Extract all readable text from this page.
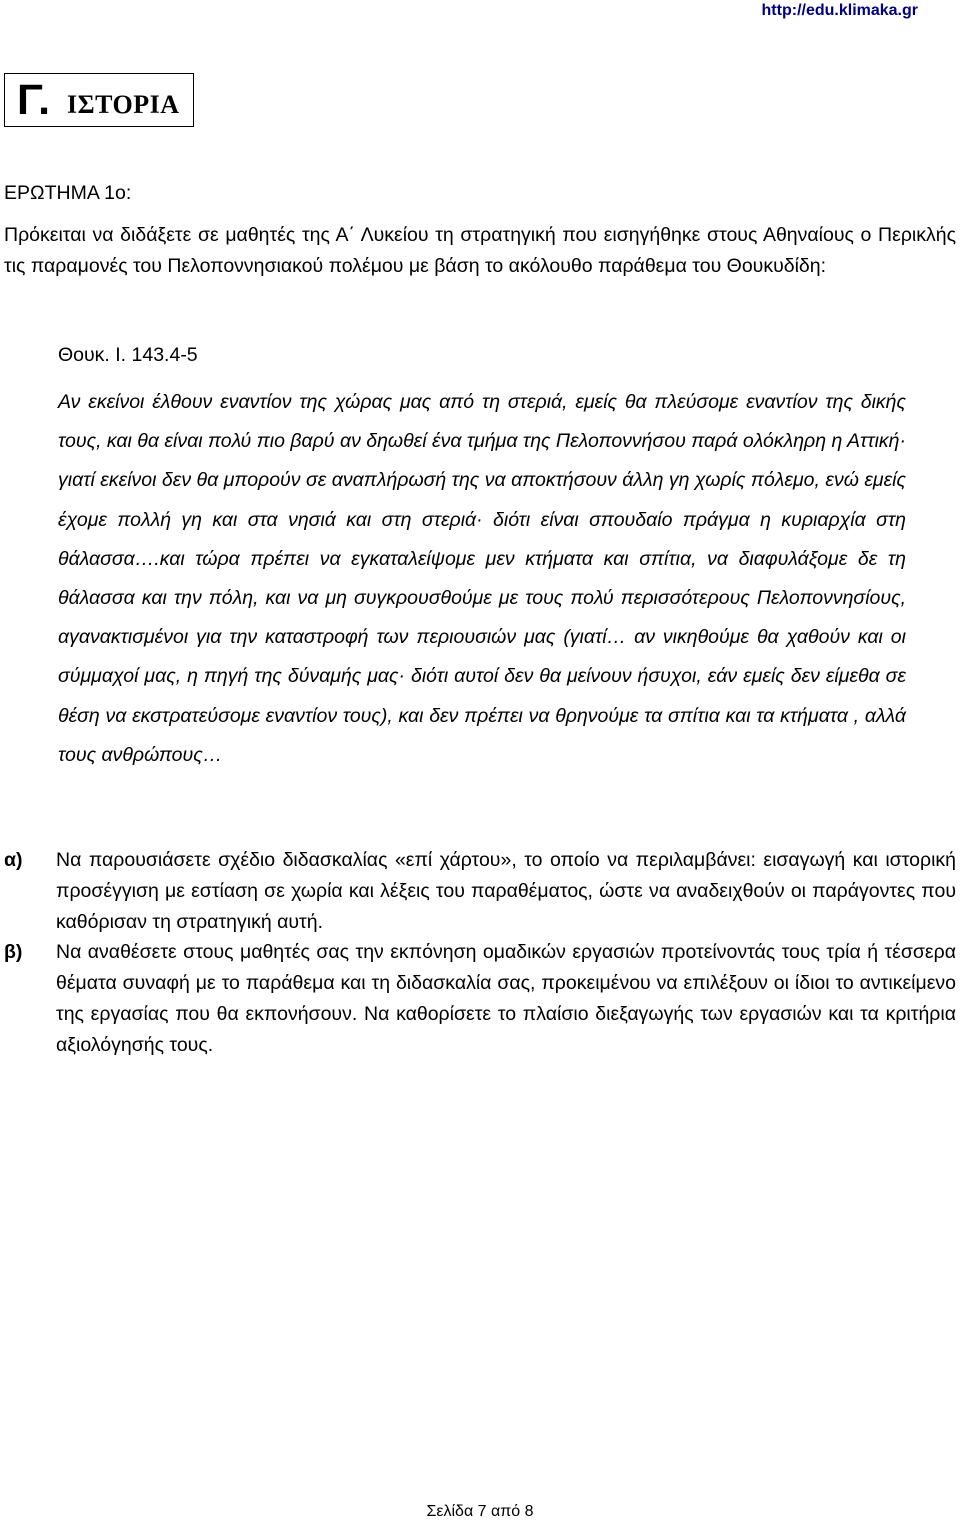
http://edu.klimaka.gr
Γ. ΙΣΤΟΡΙΑ
ΕΡΩΤΗΜΑ 1ο:

Πρόκειται να διδάξετε σε μαθητές της Α΄ Λυκείου τη στρατηγική που εισηγήθηκε στους Αθηναίους ο Περικλής τις παραμονές του Πελοποννησιακού πολέμου με βάση το ακόλουθο παράθεμα του Θουκυδίδη:

Θουκ. Ι. 143.4-5

Αν εκείνοι έλθουν εναντίον της χώρας μας από τη στεριά, εμείς θα πλεύσομε εναντίον της δικής τους, και θα είναι πολύ πιο βαρύ αν δηωθεί ένα τμήμα της Πελοποννήσου παρά ολόκληρη η Αττική· γιατί εκείνοι δεν θα μπορούν σε αναπλήρωσή της να αποκτήσουν άλλη γη χωρίς πόλεμο, ενώ εμείς έχομε πολλή γη και στα νησιά και στη στεριά· διότι είναι σπουδαίο πράγμα η κυριαρχία στη θάλασσα….και τώρα πρέπει να εγκαταλείψομε μεν κτήματα και σπίτια, να διαφυλάξομε δε τη θάλασσα και την πόλη, και να μη συγκρουσθούμε με τους πολύ περισσότερους Πελοποννησίους, αγανακτισμένοι για την καταστροφή των περιουσιών μας (γιατί… αν νικηθούμε θα χαθούν και οι σύμμαχοί μας, η πηγή της δύναμής μας· διότι αυτοί δεν θα μείνουν ήσυχοι, εάν εμείς δεν είμεθα σε θέση να εκστρατεύσομε εναντίον τους), και δεν πρέπει να θρηνούμε τα σπίτια και τα κτήματα , αλλά τους ανθρώπους…

α) Να παρουσιάσετε σχέδιο διδασκαλίας «επί χάρτου», το οποίο να περιλαμβάνει: εισαγωγή και ιστορική προσέγγιση με εστίαση σε χωρία και λέξεις του παραθέματος, ώστε να αναδειχθούν οι παράγοντες που καθόρισαν τη στρατηγική αυτή.

β) Να αναθέσετε στους μαθητές σας την εκπόνηση ομαδικών εργασιών προτείνοντάς τους τρία ή τέσσερα θέματα συναφή με το παράθεμα και τη διδασκαλία σας, προκειμένου να επιλέξουν οι ίδιοι το αντικείμενο της εργασίας που θα εκπονήσουν. Να καθορίσετε το πλαίσιο διεξαγωγής των εργασιών και τα κριτήρια αξιολόγησής τους.

Σελίδα 7 από 8
